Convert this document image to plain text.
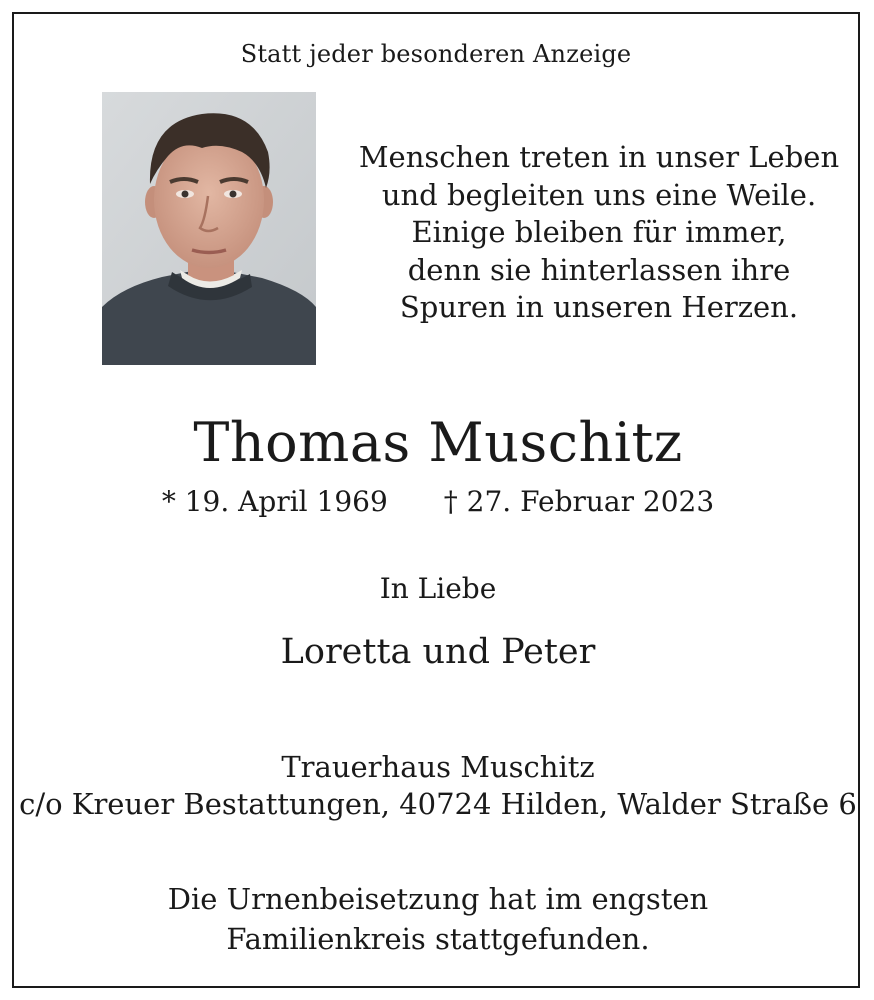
Statt jeder besonderen Anzeige
Menschen treten in unser Leben
und begleiten uns eine Weile.
Einige bleiben für immer,
denn sie hinterlassen ihre
Spuren in unseren Herzen.
Thomas Muschitz
* 19. April 1969 † 27. Februar 2023
In Liebe
Loretta und Peter
Trauerhaus Muschitz
c/o Kreuer Bestattungen, 40724 Hilden, Walder Straße 6
Die Urnenbeisetzung hat im engsten
Familienkreis stattgefunden.
